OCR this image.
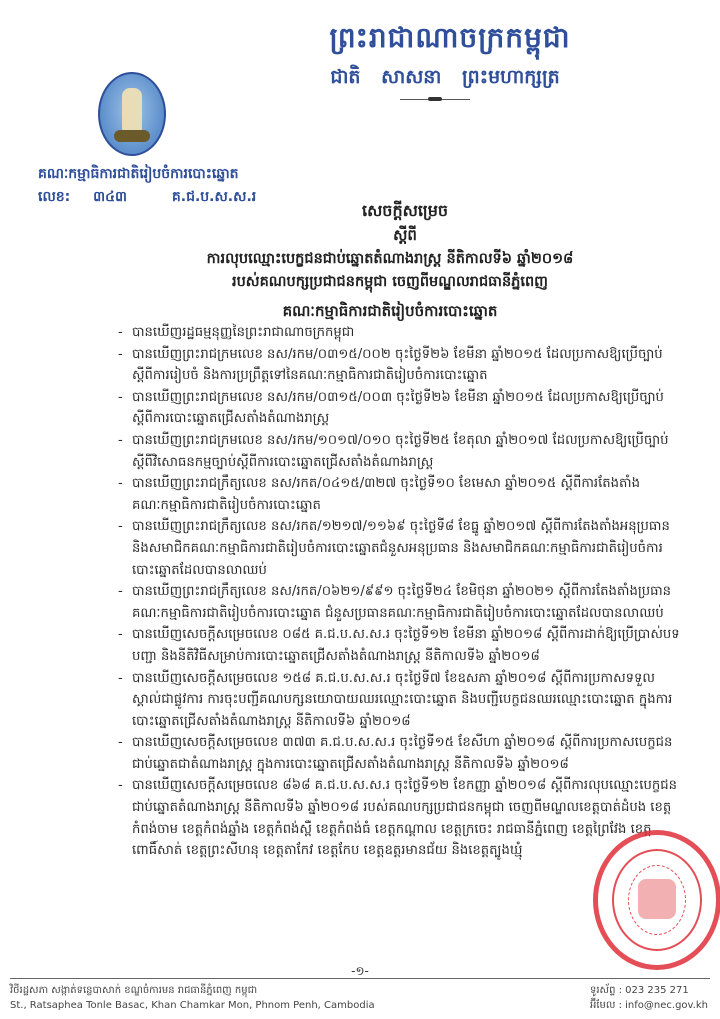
ព្រះរាជាណាចក្រកម្ពុជា
ជាតិ សាសនា ព្រះមហាក្សត្រ
គណៈកម្មាធិការជាតិរៀបចំការបោះឆ្នោត
លេខ: ៣៤៣	គ.ជ.ប.ស.ស.រ
សេចក្ដីសម្រេច
ស្ដីពី
ការលុបឈ្មោះបេក្ខជនជាប់ឆ្នោតតំណាងរាស្ត្រ នីតិកាលទី៦ ឆ្នាំ២០១៨
របស់គណបក្សប្រជាជនកម្ពុជា ចេញពីមណ្ឌលរាជធានីភ្នំពេញ
គណៈកម្មាធិការជាតិរៀបចំការបោះឆ្នោត
- បានឃើញរដ្ឋធម្មនុញ្ញនៃព្រះរាជាណាចក្រកម្ពុជា
- បានឃើញព្រះរាជក្រមលេខ នស/រកម/០៣១៥/០០២ ចុះថ្ងៃទី២៦ ខែមីនា ឆ្នាំ២០១៥ ដែលប្រកាសឱ្យប្រើច្បាប់ស្ដីពីការរៀបចំ និងការប្រព្រឹត្តទៅនៃគណៈកម្មាធិការជាតិរៀបចំការបោះឆ្នោត
- បានឃើញព្រះរាជក្រមលេខ នស/រកម/០៣១៥/០០៣ ចុះថ្ងៃទី២៦ ខែមីនា ឆ្នាំ២០១៥ ដែលប្រកាសឱ្យប្រើច្បាប់ស្ដីពីការបោះឆ្នោតជ្រើសតាំងតំណាងរាស្ត្រ
- បានឃើញព្រះរាជក្រមលេខ នស/រកម/១០១៧/០១០ ចុះថ្ងៃទី២៥ ខែតុលា ឆ្នាំ២០១៧ ដែលប្រកាសឱ្យប្រើច្បាប់ស្ដីពីវិសោធនកម្មច្បាប់ស្ដីពីការបោះឆ្នោតជ្រើសតាំងតំណាងរាស្ត្រ
- បានឃើញព្រះរាជក្រឹត្យលេខ នស/រកត/០៤១៥/៣២៧ ចុះថ្ងៃទី១០ ខែមេសា ឆ្នាំ២០១៥ ស្ដីពីការតែងតាំងគណៈកម្មាធិការជាតិរៀបចំការបោះឆ្នោត
- បានឃើញព្រះរាជក្រឹត្យលេខ នស/រកត/១២១៧/១១៦៩ ចុះថ្ងៃទី៨ ខែធ្នូ ឆ្នាំ២០១៧ ស្ដីពីការតែងតាំងអនុប្រធាន និងសមាជិកគណៈកម្មាធិការជាតិរៀបចំការបោះឆ្នោតជំនួសអនុប្រធាន និងសមាជិកគណៈកម្មាធិការជាតិរៀបចំការបោះឆ្នោតដែលបានលាឈប់
- បានឃើញព្រះរាជក្រឹត្យលេខ នស/រកត/០៦២១/៩៩១ ចុះថ្ងៃទី២៤ ខែមិថុនា ឆ្នាំ២០២១ ស្ដីពីការតែងតាំងប្រធានគណៈកម្មាធិការជាតិរៀបចំការបោះឆ្នោត ជំនួសប្រធានគណៈកម្មាធិការជាតិរៀបចំការបោះឆ្នោតដែលបានលាឈប់
- បានឃើញសេចក្ដីសម្រេចលេខ ០៨៥ គ.ជ.ប.ស.ស.រ ចុះថ្ងៃទី១២ ខែមីនា ឆ្នាំ២០១៨ ស្ដីពីការដាក់ឱ្យប្រើប្រាស់បទបញ្ជា និងនីតិវិធីសម្រាប់ការបោះឆ្នោតជ្រើសតាំងតំណាងរាស្ត្រ នីតិកាលទី៦ ឆ្នាំ២០១៨
- បានឃើញសេចក្ដីសម្រេចលេខ ១៥៨ គ.ជ.ប.ស.ស.រ ចុះថ្ងៃទី៧ ខែឧសភា ឆ្នាំ២០១៨ ស្ដីពីការប្រកាសទទួលស្គាល់ជាផ្លូវការ ការចុះបញ្ជីគណបក្សនយោបាយឈរឈ្មោះបោះឆ្នោត និងបញ្ជីបេក្ខជនឈរឈ្មោះបោះឆ្នោត ក្នុងការបោះឆ្នោតជ្រើសតាំងតំណាងរាស្ត្រ នីតិកាលទី៦ ឆ្នាំ២០១៨
- បានឃើញសេចក្ដីសម្រេចលេខ ៣៧៣ គ.ជ.ប.ស.ស.រ ចុះថ្ងៃទី១៥ ខែសីហា ឆ្នាំ២០១៨ ស្ដីពីការប្រកាសបេក្ខជនជាប់ឆ្នោតជាតំណាងរាស្ត្រ ក្នុងការបោះឆ្នោតជ្រើសតាំងតំណាងរាស្ត្រ នីតិកាលទី៦ ឆ្នាំ២០១៨
- បានឃើញសេចក្ដីសម្រេចលេខ ៨៦៨ គ.ជ.ប.ស.ស.រ ចុះថ្ងៃទី១២ ខែកញ្ញា ឆ្នាំ២០១៨ ស្ដីពីការលុបឈ្មោះបេក្ខជនជាប់ឆ្នោតតំណាងរាស្ត្រ នីតិកាលទី៦ ឆ្នាំ២០១៨ របស់គណបក្សប្រជាជនកម្ពុជា ចេញពីមណ្ឌលខេត្តបាត់ដំបង ខេត្តកំពង់ចាម ខេត្តកំពង់ឆ្នាំង ខេត្តកំពង់ស្ពឺ ខេត្តកំពង់ធំ ខេត្តកណ្ដាល ខេត្តក្រចេះ រាជធានីភ្នំពេញ ខេត្តព្រៃវែង ខេត្តពោធិ៍សាត់ ខេត្តព្រះសីហនុ ខេត្តតាកែវ ខេត្តកែប ខេត្តឧត្តរមានជ័យ និងខេត្តត្បូងឃ្មុំ
-១-
វិថីរដ្ឋសភា សង្កាត់ទន្លេបាសាក់ ខណ្ឌចំការមន រាជធានីភ្នំពេញ កម្ពុជា
St., Ratsaphea Tonle Basac, Khan Chamkar Mon, Phnom Penh, Cambodia
ទូរស័ព្ទ : 023 235 271
អ៊ីមែល : info@nec.gov.kh
